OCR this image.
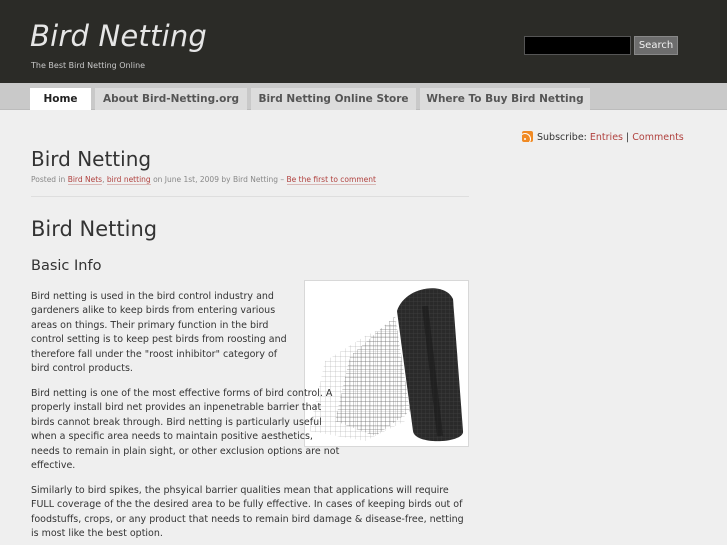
Bird Netting
The Best Bird Netting Online
Search
Home	About Bird-Netting.org	Bird Netting Online Store	Where To Buy Bird Netting
Subscribe: Entries | Comments
Bird Netting
Posted in Bird Nets, bird netting on June 1st, 2009 by Bird Netting – Be the first to comment
Bird Netting
Basic Info

Bird netting is used in the bird control industry and gardeners alike to keep birds from entering various areas on things. Their primary function in the bird control setting is to keep pest birds from roosting and therefore fall under the "roost inhibitor" category of bird control products.

Bird netting is one of the most effective forms of bird control. A properly install bird net provides an inpenetrable barrier that birds cannot break through. Bird netting is particularly useful when a specific area needs to maintain positive aesthetics, needs to remain in plain sight, or other exclusion options are not effective.

Similarly to bird spikes, the phsyical barrier qualities mean that applications will require FULL coverage of the the desired area to be fully effective. In cases of keeping birds out of foodstuffs, crops, or any product that needs to remain bird damage & disease-free, netting is most like the best option.
